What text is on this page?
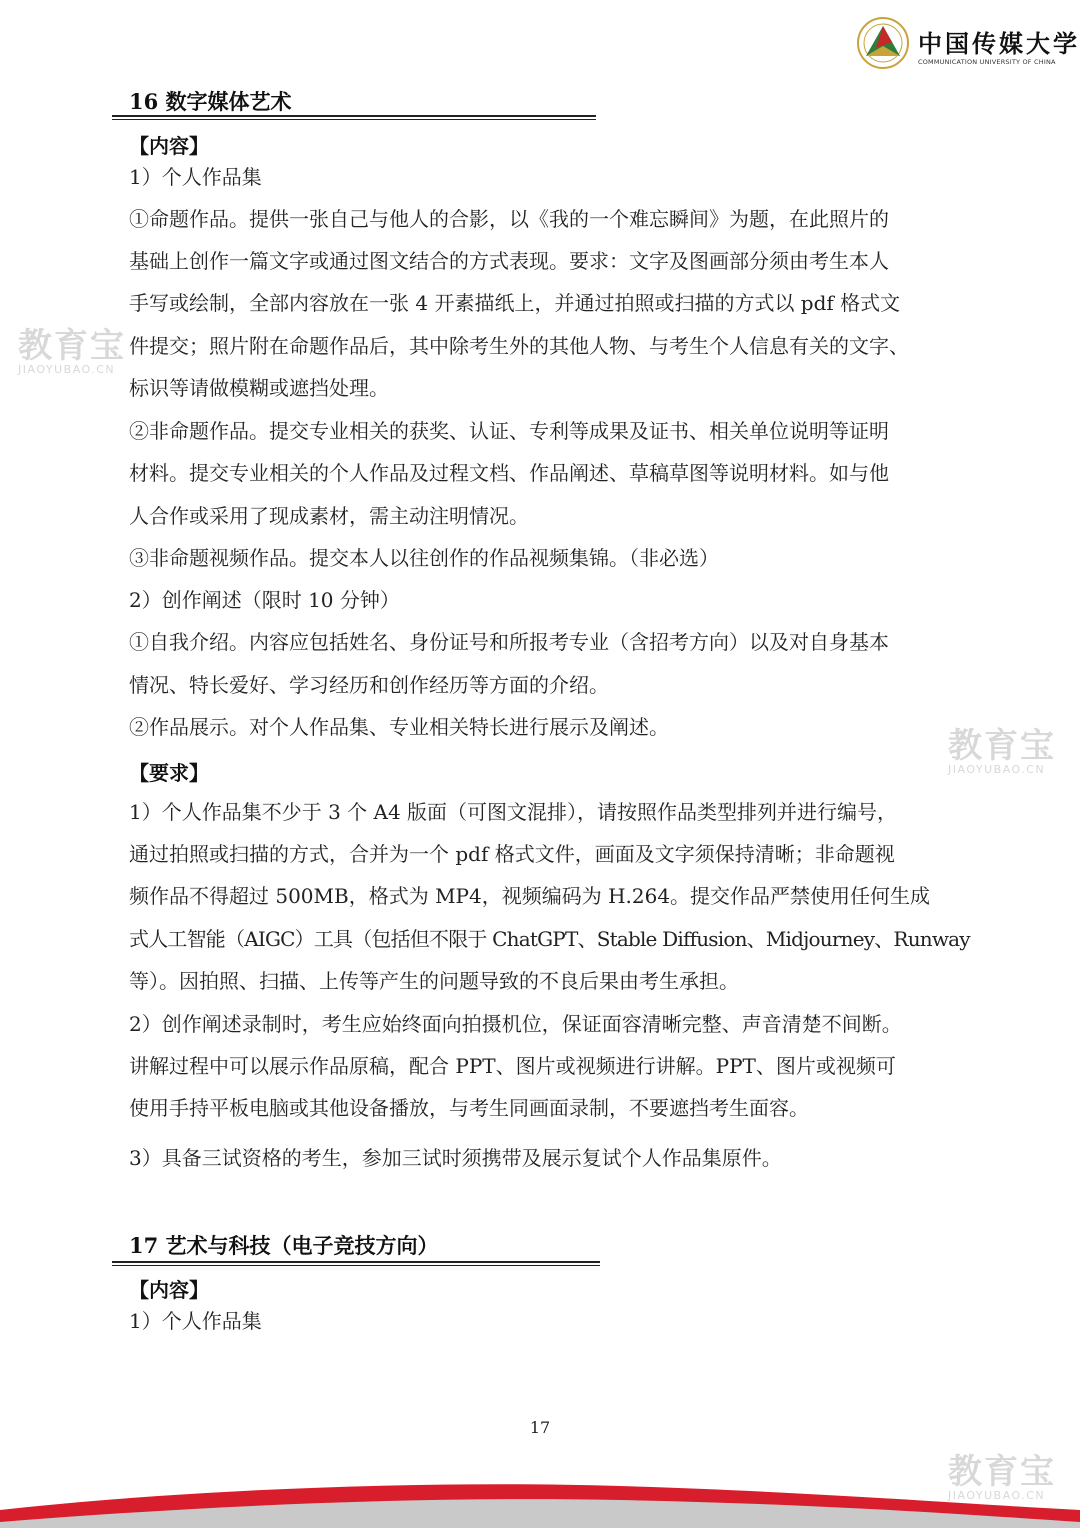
中国传媒大学
COMMUNICATION UNIVERSITY OF CHINA
16 数字媒体艺术
【内容】
1）个人作品集
①命题作品。提供一张自己与他人的合影，以《我的一个难忘瞬间》为题，在此照片的
基础上创作一篇文字或通过图文结合的方式表现。要求：文字及图画部分须由考生本人
手写或绘制，全部内容放在一张 4 开素描纸上，并通过拍照或扫描的方式以 pdf 格式文
件提交；照片附在命题作品后，其中除考生外的其他人物、与考生个人信息有关的文字、
标识等请做模糊或遮挡处理。
②非命题作品。提交专业相关的获奖、认证、专利等成果及证书、相关单位说明等证明
材料。提交专业相关的个人作品及过程文档、作品阐述、草稿草图等说明材料。如与他
人合作或采用了现成素材，需主动注明情况。
③非命题视频作品。提交本人以往创作的作品视频集锦。（非必选）
2）创作阐述（限时 10 分钟）
①自我介绍。内容应包括姓名、身份证号和所报考专业（含招考方向）以及对自身基本
情况、特长爱好、学习经历和创作经历等方面的介绍。
②作品展示。对个人作品集、专业相关特长进行展示及阐述。
【要求】
1）个人作品集不少于 3 个 A4 版面（可图文混排），请按照作品类型排列并进行编号，
通过拍照或扫描的方式，合并为一个 pdf 格式文件，画面及文字须保持清晰；非命题视
频作品不得超过 500MB，格式为 MP4，视频编码为 H.264。提交作品严禁使用任何生成
式人工智能（AIGC）工具（包括但不限于 ChatGPT、Stable Diffusion、Midjourney、Runway
等）。因拍照、扫描、上传等产生的问题导致的不良后果由考生承担。
2）创作阐述录制时，考生应始终面向拍摄机位，保证面容清晰完整、声音清楚不间断。
讲解过程中可以展示作品原稿，配合 PPT、图片或视频进行讲解。PPT、图片或视频可
使用手持平板电脑或其他设备播放，与考生同画面录制，不要遮挡考生面容。
3）具备三试资格的考生，参加三试时须携带及展示复试个人作品集原件。
17 艺术与科技（电子竞技方向）
【内容】
1）个人作品集
17
教育宝
JIAOYUBAO.CN
教育宝
JIAOYUBAO.CN
教育宝
JIAOYUBAO.CN
